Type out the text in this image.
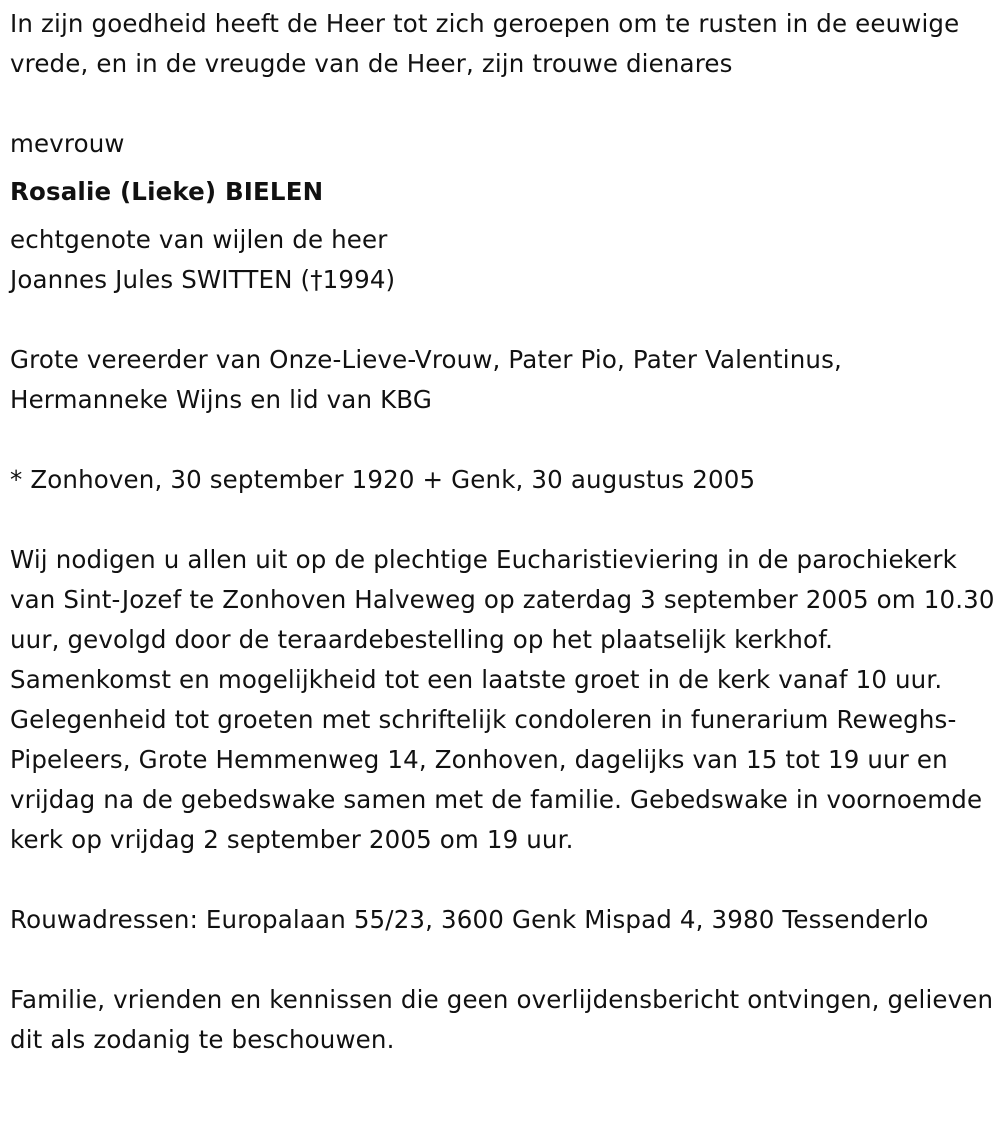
In zijn goedheid heeft de Heer tot zich geroepen om te rusten in de eeuwige vrede, en in de vreugde van de Heer, zijn trouwe dienares

mevrouw

Rosalie (Lieke) BIELEN

echtgenote van wijlen de heer

Joannes Jules SWITTEN (†1994)

Grote vereerder van Onze-Lieve-Vrouw, Pater Pio, Pater Valentinus, Hermanneke Wijns en lid van KBG

* Zonhoven, 30 september 1920 + Genk, 30 augustus 2005

Wij nodigen u allen uit op de plechtige Eucharistieviering in de parochiekerk van Sint-Jozef te Zonhoven Halveweg op zaterdag 3 september 2005 om 10.30 uur, gevolgd door de teraardebestelling op het plaatselijk kerkhof. Samenkomst en mogelijkheid tot een laatste groet in de kerk vanaf 10 uur. Gelegenheid tot groeten met schriftelijk condoleren in funerarium Reweghs-Pipeleers, Grote Hemmenweg 14, Zonhoven, dagelijks van 15 tot 19 uur en vrijdag na de gebedswake samen met de familie. Gebedswake in voornoemde kerk op vrijdag 2 september 2005 om 19 uur.

Rouwadressen: Europalaan 55/23, 3600 Genk Mispad 4, 3980 Tessenderlo

Familie, vrienden en kennissen die geen overlijdensbericht ontvingen, gelieven dit als zodanig te beschouwen.
